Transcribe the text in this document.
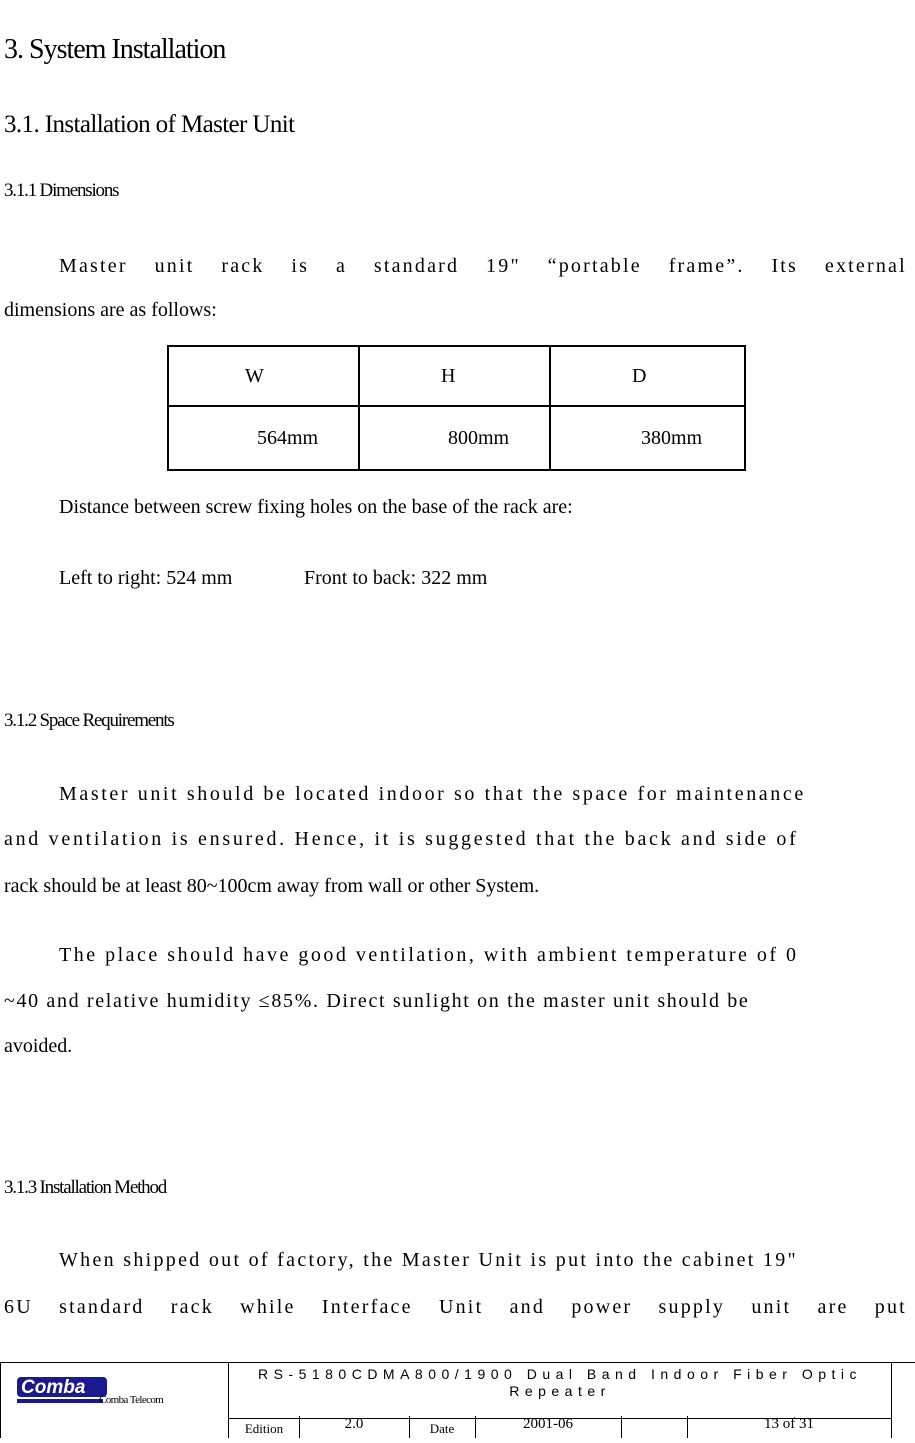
3. System Installation
3.1. Installation of Master Unit
3.1.1 Dimensions
Master unit rack is a standard 19" “portable frame”. Its external
dimensions are as follows:
W	H	D
564mm	800mm	380mm
Distance between screw fixing holes on the base of the rack are:
Left to right: 524 mm	Front to back: 322 mm
3.1.2 Space Requirements
Master unit should be located indoor so that the space for maintenance
and ventilation is ensured. Hence, it is suggested that the back and side of
rack should be at least 80~100cm away from wall or other System.
The place should have good ventilation, with ambient temperature of 0
~40 and relative humidity ≤85%. Direct sunlight on the master unit should be
avoided.
3.1.3 Installation Method
When shipped out of factory, the Master Unit is put into the cabinet 19"
6U standard rack while Interface Unit and power supply unit are put
Comba
Comba Telecom
RS-5180CDMA800/1900 Dual Band Indoor Fiber Optic Repeater
Edition	2.0	Date	2001-06	13 of 31
